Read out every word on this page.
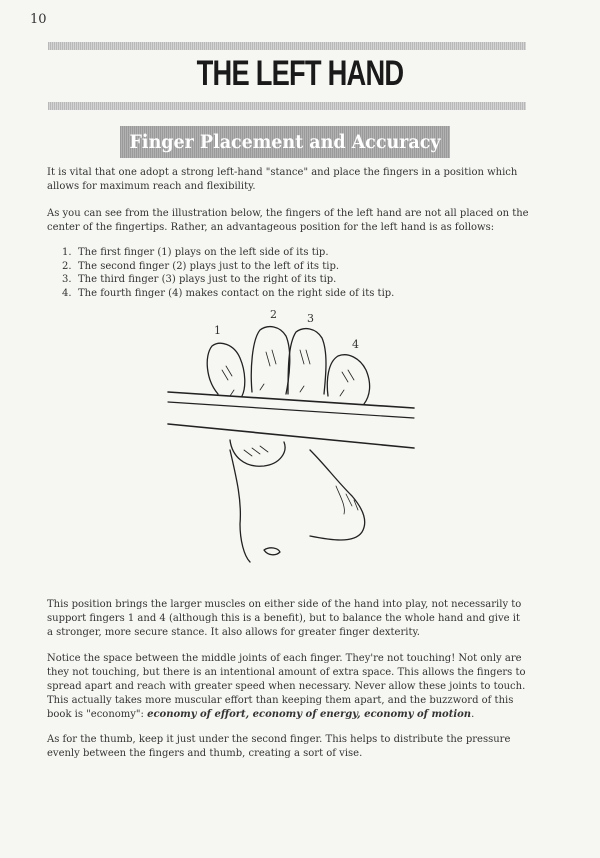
10
THE LEFT HAND
Finger Placement and Accuracy
It is vital that one adopt a strong left-hand "stance" and place the fingers in a position which allows for maximum reach and flexibility.
As you can see from the illustration below, the fingers of the left hand are not all placed on the center of the fingertips. Rather, an advantageous position for the left hand is as follows:
1. The first finger (1) plays on the left side of its tip.
2. The second finger (2) plays just to the left of its tip.
3. The third finger (3) plays just to the right of its tip.
4. The fourth finger (4) makes contact on the right side of its tip.
1
2	3
4
This position brings the larger muscles on either side of the hand into play, not necessarily to support fingers 1 and 4 (although this is a benefit), but to balance the whole hand and give it a stronger, more secure stance. It also allows for greater finger dexterity.
Notice the space between the middle joints of each finger. They're not touching! Not only are they not touching, but there is an intentional amount of extra space. This allows the fingers to spread apart and reach with greater speed when necessary. Never allow these joints to touch. This actually takes more muscular effort than keeping them apart, and the buzzword of this book is "economy": economy of effort, economy of energy, economy of motion.
As for the thumb, keep it just under the second finger. This helps to distribute the pressure evenly between the fingers and thumb, creating a sort of vise.
